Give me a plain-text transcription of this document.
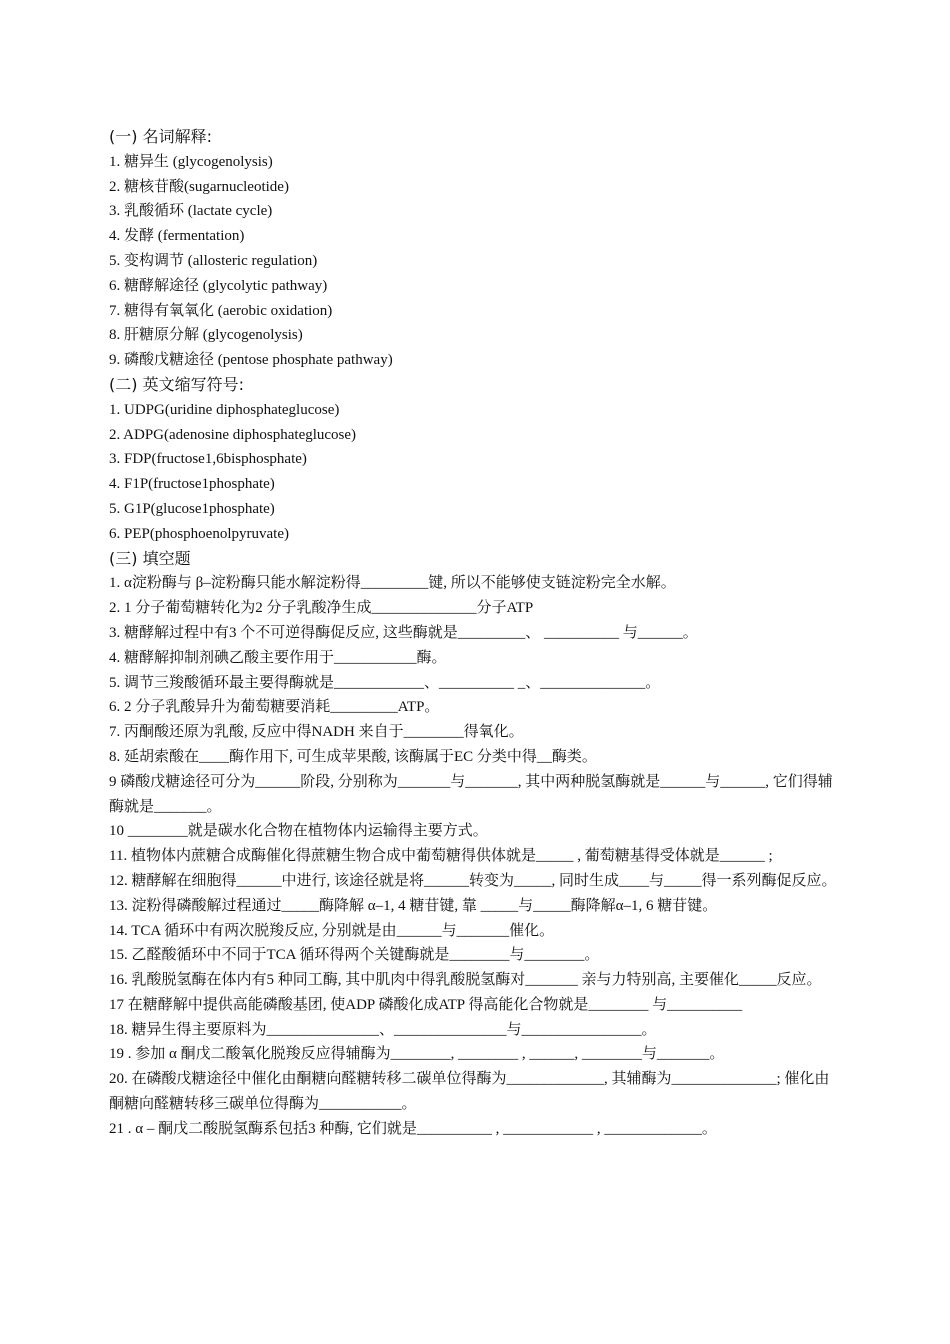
(一) 名词解释:
1. 糖异生 (glycogenolysis)
2. 糖核苷酸(sugarnucleotide)
3. 乳酸循环 (lactate cycle)
4. 发酵 (fermentation)
5. 变构调节 (allosteric regulation)
6. 糖酵解途径 (glycolytic pathway)
7. 糖得有氧氧化 (aerobic oxidation)
8. 肝糖原分解 (glycogenolysis)
9. 磷酸戊糖途径 (pentose phosphate pathway)
(二) 英文缩写符号:
1. UDPG(uridine diphosphateglucose)
2. ADPG(adenosine diphosphateglucose)
3. FDP(fructose1,6bisphosphate)
4. F1P(fructose1phosphate)
5. G1P(glucose1phosphate)
6. PEP(phosphoenolpyruvate)
(三) 填空题
1. α淀粉酶与 β–淀粉酶只能水解淀粉得_________键, 所以不能够使支链淀粉完全水解。
2. 1 分子葡萄糖转化为2 分子乳酸净生成______________分子ATP
3. 糖酵解过程中有3 个不可逆得酶促反应, 这些酶就是_________、 __________ 与______。
4. 糖酵解抑制剂碘乙酸主要作用于___________酶。
5. 调节三羧酸循环最主要得酶就是____________、__________ _、______________。
6. 2 分子乳酸异升为葡萄糖要消耗_________ATP。
7. 丙酮酸还原为乳酸, 反应中得NADH 来自于________得氧化。
8. 延胡索酸在____酶作用下, 可生成苹果酸, 该酶属于EC 分类中得__酶类。
9 磷酸戊糖途径可分为______阶段, 分别称为_______与_______, 其中两种脱氢酶就是______与______, 它们得辅酶就是_______。
10 ________就是碳水化合物在植物体内运输得主要方式。
11. 植物体内蔗糖合成酶催化得蔗糖生物合成中葡萄糖得供体就是_____ , 葡萄糖基得受体就是______ ;
12. 糖酵解在细胞得______中进行, 该途径就是将______转变为_____, 同时生成____与_____得一系列酶促反应。
13. 淀粉得磷酸解过程通过_____酶降解 α–1, 4 糖苷键, 靠 _____与_____酶降解α–1, 6 糖苷键。
14. TCA 循环中有两次脱羧反应, 分别就是由______与_______催化。
15. 乙醛酸循环中不同于TCA 循环得两个关键酶就是________与________。
16. 乳酸脱氢酶在体内有5 种同工酶, 其中肌肉中得乳酸脱氢酶对_______ 亲与力特别高, 主要催化_____反应。
17 在糖酵解中提供高能磷酸基团, 使ADP 磷酸化成ATP 得高能化合物就是________ 与__________
18. 糖异生得主要原料为_______________、_______________与________________。
19 . 参加 α 酮戊二酸氧化脱羧反应得辅酶为________, ________ , ______, ________与_______。
20. 在磷酸戊糖途径中催化由酮糖向醛糖转移二碳单位得酶为_____________, 其辅酶为______________; 催化由酮糖向醛糖转移三碳单位得酶为___________。
21 . α – 酮戊二酸脱氢酶系包括3 种酶, 它们就是__________ , ____________ , _____________。
